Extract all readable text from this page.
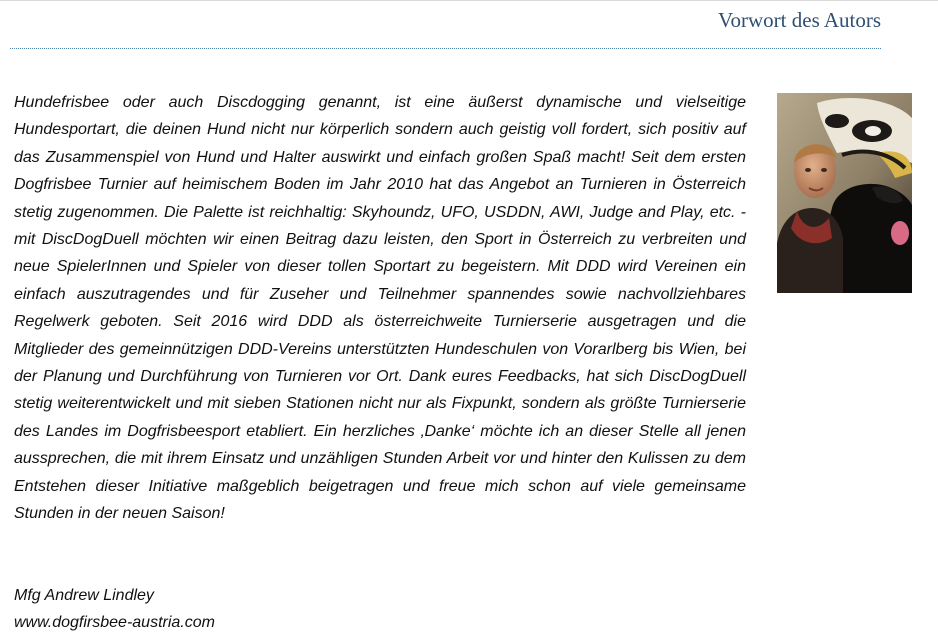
Vorwort des Autors

Hundefrisbee oder auch Discdogging genannt, ist eine äußerst dynamische und vielseitige Hundesportart, die deinen Hund nicht nur körperlich sondern auch geistig voll fordert, sich positiv auf das Zusammenspiel von Hund und Halter auswirkt und einfach großen Spaß macht! Seit dem ersten Dogfrisbee Turnier auf heimischem Boden im Jahr 2010 hat das Angebot an Turnieren in Österreich stetig zugenommen. Die Palette ist reichhaltig: Skyhoundz, UFO, USDDN, AWI, Judge and Play, etc. - mit DiscDogDuell möchten wir einen Beitrag dazu leisten, den Sport in Österreich zu verbreiten und neue SpielerInnen und Spieler von dieser tollen Sportart zu begeistern. Mit DDD wird Vereinen ein einfach auszutragendes und für Zuseher und Teilnehmer spannendes sowie nachvollziehbares Regelwerk geboten. Seit 2016 wird DDD als österreichweite Turnierserie ausgetragen und die Mitglieder des gemeinnützigen DDD-Vereins unterstützten Hundeschulen von Vorarlberg bis Wien, bei der Planung und Durchführung von Turnieren vor Ort. Dank eures Feedbacks, hat sich DiscDogDuell stetig weiterentwickelt und mit sieben Stationen nicht nur als Fixpunkt, sondern als größte Turnierserie des Landes im Dogfrisbeesport etabliert. Ein herzliches ‚Danke‘ möchte ich an dieser Stelle all jenen aussprechen, die mit ihrem Einsatz und unzähligen Stunden Arbeit vor und hinter den Kulissen zu dem Entstehen dieser Initiative maßgeblich beigetragen und freue mich schon auf viele gemeinsame Stunden in der neuen Saison!

Mfg Andrew Lindley
www.dogfirsbee-austria.com
